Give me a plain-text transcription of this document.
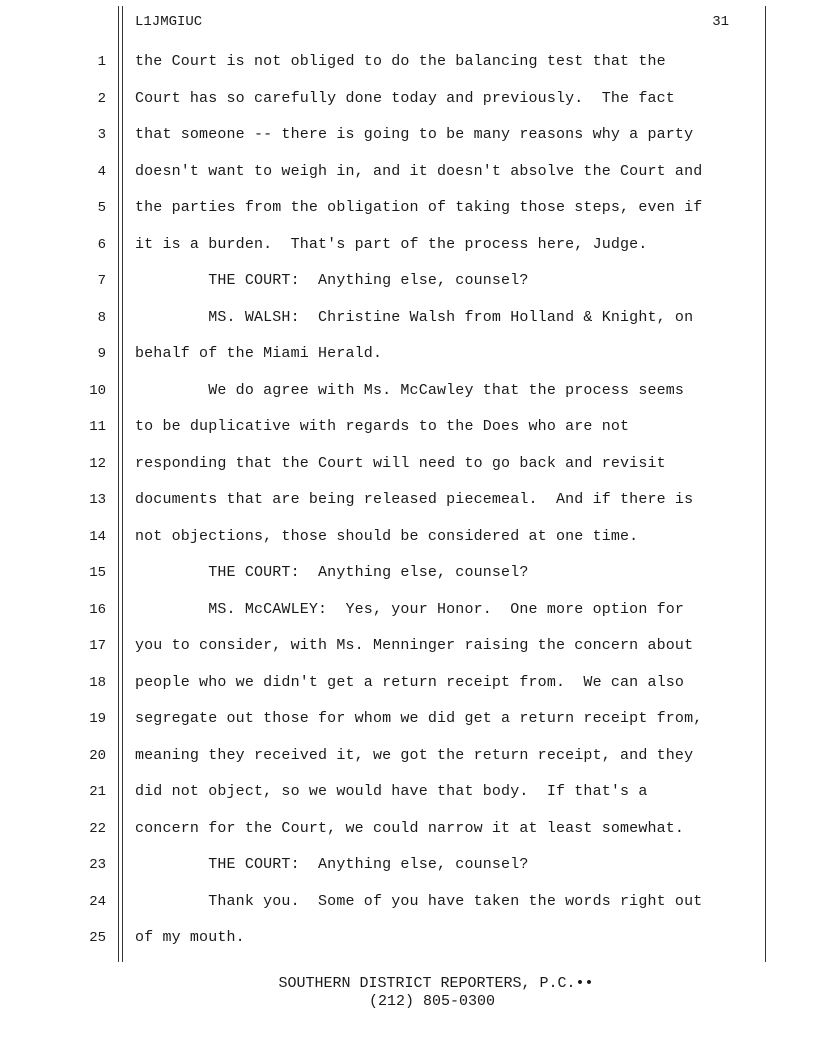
L1JMGIUC	31
1 the Court is not obliged to do the balancing test that the
2 Court has so carefully done today and previously.  The fact
3 that someone -- there is going to be many reasons why a party
4 doesn't want to weigh in, and it doesn't absolve the Court and
5 the parties from the obligation of taking those steps, even if
6 it is a burden.  That's part of the process here, Judge.
7 THE COURT:  Anything else, counsel?
8 MS. WALSH:  Christine Walsh from Holland & Knight, on
9 behalf of the Miami Herald.
10 We do agree with Ms. McCawley that the process seems
11 to be duplicative with regards to the Does who are not
12 responding that the Court will need to go back and revisit
13 documents that are being released piecemeal.  And if there is
14 not objections, those should be considered at one time.
15 THE COURT:  Anything else, counsel?
16 MS. McCAWLEY:  Yes, your Honor.  One more option for
17 you to consider, with Ms. Menninger raising the concern about
18 people who we didn't get a return receipt from.  We can also
19 segregate out those for whom we did get a return receipt from,
20 meaning they received it, we got the return receipt, and they
21 did not object, so we would have that body.  If that's a
22 concern for the Court, we could narrow it at least somewhat.
23 THE COURT:  Anything else, counsel?
24 Thank you.  Some of you have taken the words right out
25 of my mouth.
SOUTHERN DISTRICT REPORTERS, P.C.••
(212) 805-0300
